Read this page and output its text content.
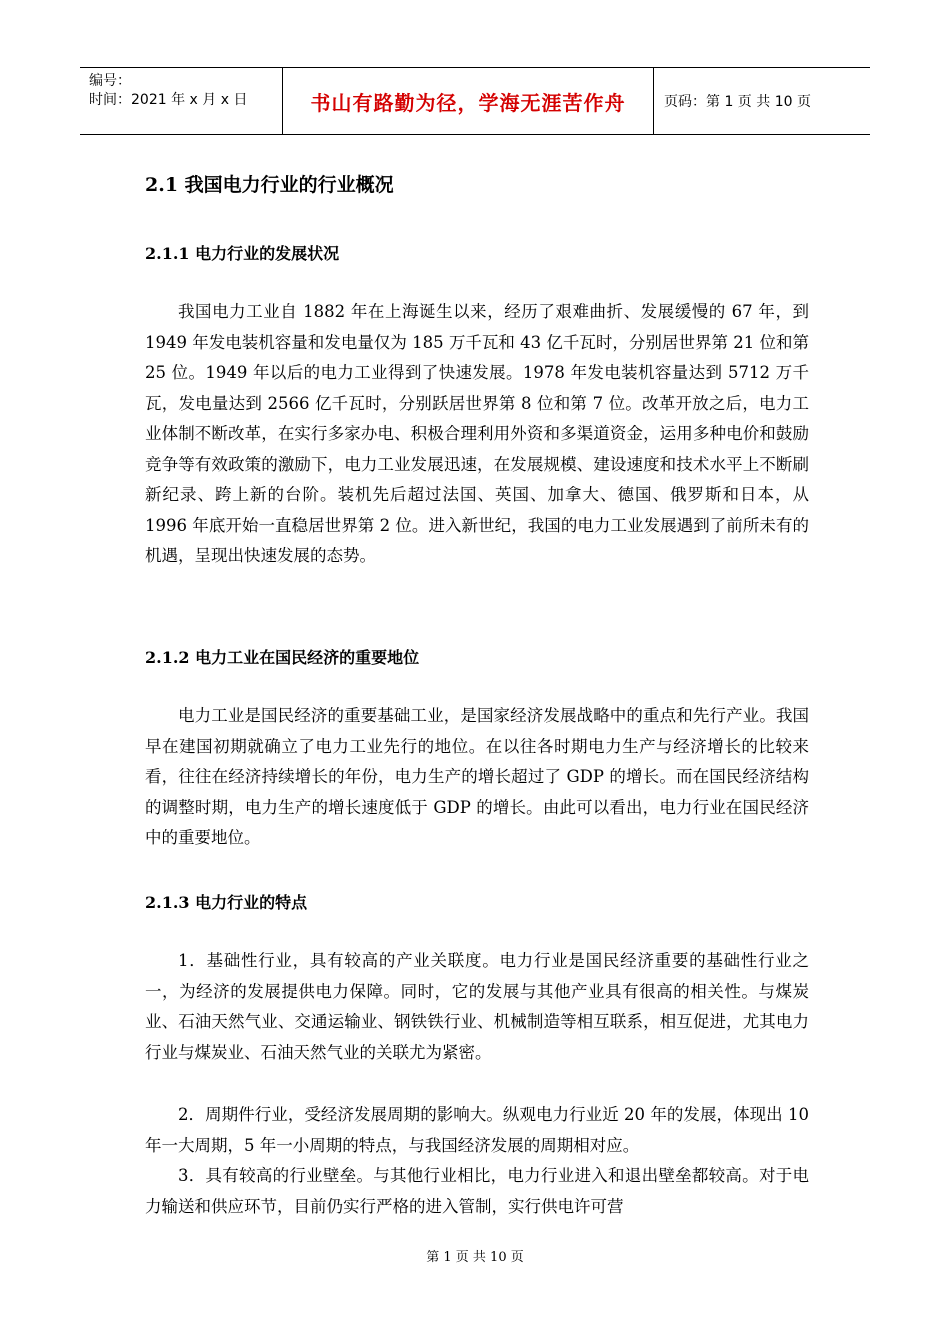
编号：
时间：2021 年 x 月 x 日	书山有路勤为径，学海无涯苦作舟	页码：第 1 页 共 10 页
2.1 我国电力行业的行业概况
2.1.1 电力行业的发展状况

我国电力工业自 1882 年在上海诞生以来，经历了艰难曲折、发展缓慢的 67 年，到 1949 年发电装机容量和发电量仅为 185 万千瓦和 43 亿千瓦时，分别居世界第 21 位和第 25 位。1949 年以后的电力工业得到了快速发展。1978 年发电装机容量达到 5712 万千瓦，发电量达到 2566 亿千瓦时，分别跃居世界第 8 位和第 7 位。改革开放之后，电力工业体制不断改革，在实行多家办电、积极合理利用外资和多渠道资金，运用多种电价和鼓励竞争等有效政策的激励下，电力工业发展迅速，在发展规模、建设速度和技术水平上不断刷新纪录、跨上新的台阶。装机先后超过法国、英国、加拿大、德国、俄罗斯和日本，从 1996 年底开始一直稳居世界第 2 位。进入新世纪，我国的电力工业发展遇到了前所未有的机遇，呈现出快速发展的态势。

2.1.2 电力工业在国民经济的重要地位

电力工业是国民经济的重要基础工业，是国家经济发展战略中的重点和先行产业。我国早在建国初期就确立了电力工业先行的地位。在以往各时期电力生产与经济增长的比较来看，往往在经济持续增长的年份，电力生产的增长超过了 GDP 的增长。而在国民经济结构的调整时期，电力生产的增长速度低于 GDP 的增长。由此可以看出，电力行业在国民经济中的重要地位。

2.1.3 电力行业的特点

1．基础性行业，具有较高的产业关联度。电力行业是国民经济重要的基础性行业之一，为经济的发展提供电力保障。同时，它的发展与其他产业具有很高的相关性。与煤炭业、石油天然气业、交通运输业、钢铁铁行业、机械制造等相互联系，相互促进，尤其电力行业与煤炭业、石油天然气业的关联尤为紧密。

2．周期件行业，受经济发展周期的影响大。纵观电力行业近 20 年的发展，体现出 10 年一大周期，5 年一小周期的特点，与我国经济发展的周期相对应。

3．具有较高的行业壁垒。与其他行业相比，电力行业进入和退出壁垒都较高。对于电力输送和供应环节，目前仍实行严格的进入管制，实行供电许可营

第 1 页 共 10 页
